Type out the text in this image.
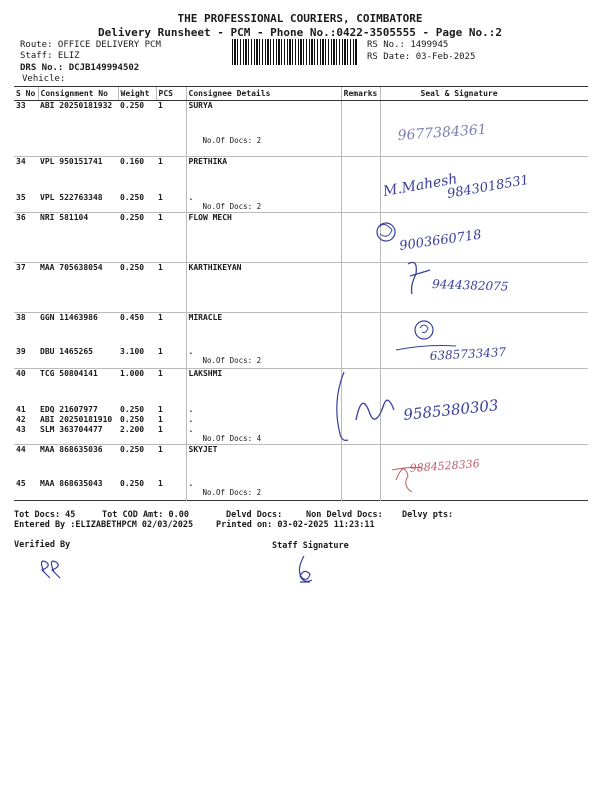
THE PROFESSIONAL COURIERS, COIMBATORE
Delivery Runsheet - PCM - Phone No.:0422-3505555 - Page No.:2
Route: OFFICE DELIVERY PCM
Staff: ELIZ
DRS No.: DCJB149994502
Vehicle:
RS No.: 1499945
RS Date: 03-Feb-2025
S No	Consignment No	Weight	PCS	Consignee Details	Remarks	Seal & Signature
33	ABI 20250181932	0.250	1	SURYA
No.Of Docs: 2		

34	VPL 950151741	0.160	1	PRETHIKA		
35	VPL 522763348	0.250	1	.
No.Of Docs: 2		

36	NRI 581104	0.250	1	FLOW MECH		
37	MAA 705638054	0.250	1	KARTHIKEYAN		
38	GGN 11463986	0.450	1	MIRACLE		
39	DBU 1465265	3.100	1	.
No.Of Docs: 2		

40	TCG 50804141	1.000	1	LAKSHMI		
41	EDQ 21607977	0.250	1	.		
42	ABI 20250181910	0.250	1	.		
43	SLM 363704477	2.200	1	.
No.Of Docs: 4		

44	MAA 868635036	0.250	1	SKYJET		
45	MAA 868635043	0.250	1	.
No.Of Docs: 2		
9677384361
M.Mahesh
9843018531
9003660718
9444382075
6385733437
9585380303
9884528336
Tot Docs: 45	Tot COD Amt: 0.00	Delvd Docs:	Non Delvd Docs: Delvy pts:
Entered By :ELIZABETHPCM 02/03/2025	Printed on: 03-02-2025 11:23:11
Verified By	Staff Signature
